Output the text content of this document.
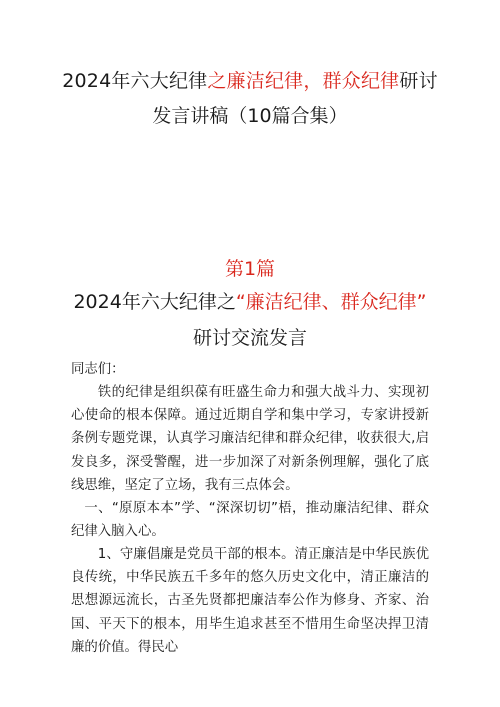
2024年六大纪律之廉洁纪律，群众纪律研讨
发言讲稿（10篇合集）
第1篇
2024年六大纪律之“廉洁纪律、群众纪律”
研讨交流发言
同志们：
铁的纪律是组织葆有旺盛生命力和强大战斗力、实现初心使命的根本保障。通过近期自学和集中学习，专家讲授新条例专题党课，认真学习廉洁纪律和群众纪律，收获很大,启发良多，深受警醒，进一步加深了对新条例理解，强化了底线思维，坚定了立场，我有三点体会。
一、“原原本本”学、“深深切切”梧，推动廉洁纪律、群众纪律入脑入心。
1、守廉倡廉是党员干部的根本。清正廉洁是中华民族优良传统，中华民族五千多年的悠久历史文化中，清正廉洁的思想源远流长，古圣先贤都把廉洁奉公作为修身、齐家、治国、平天下的根本，用毕生追求甚至不惜用生命坚决捍卫清廉的价值。得民心
